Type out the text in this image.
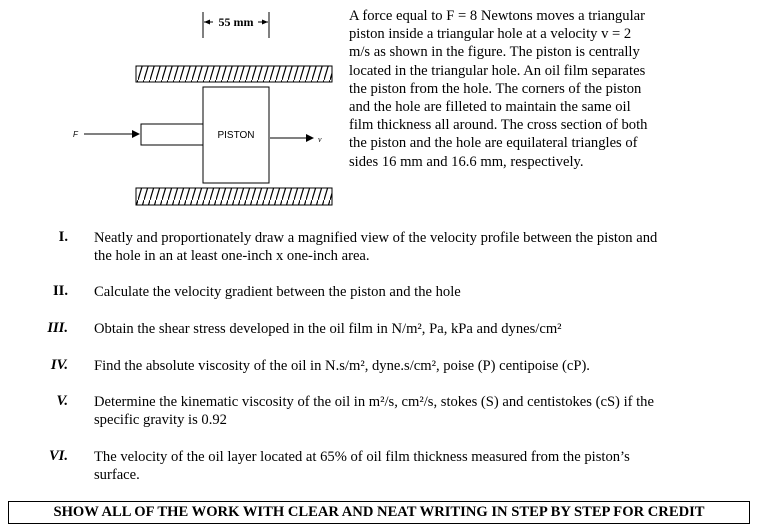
55 mm
PISTON
F
v
A force equal to F = 8 Newtons moves a triangular piston inside a triangular hole at a velocity v = 2 m/s as shown in the figure. The piston is centrally located in the triangular hole. An oil film separates the piston from the hole. The corners of the piston and the hole are filleted to maintain the same oil film thickness all around. The cross section of both the piston and the hole are equilateral triangles of sides 16 mm and 16.6 mm, respectively.
I. Neatly and proportionately draw a magnified view of the velocity profile between the piston and the hole in an at least one-inch x one-inch area.
II. Calculate the velocity gradient between the piston and the hole
III. Obtain the shear stress developed in the oil film in N/m², Pa, kPa and dynes/cm²
IV. Find the absolute viscosity of the oil in N.s/m², dyne.s/cm², poise (P) centipoise (cP).
V. Determine the kinematic viscosity of the oil in m²/s, cm²/s, stokes (S) and centistokes (cS) if the specific gravity is 0.92
VI. The velocity of the oil layer located at 65% of oil film thickness measured from the piston’s surface.
SHOW ALL OF THE WORK WITH CLEAR AND NEAT WRITING IN STEP BY STEP FOR CREDIT
